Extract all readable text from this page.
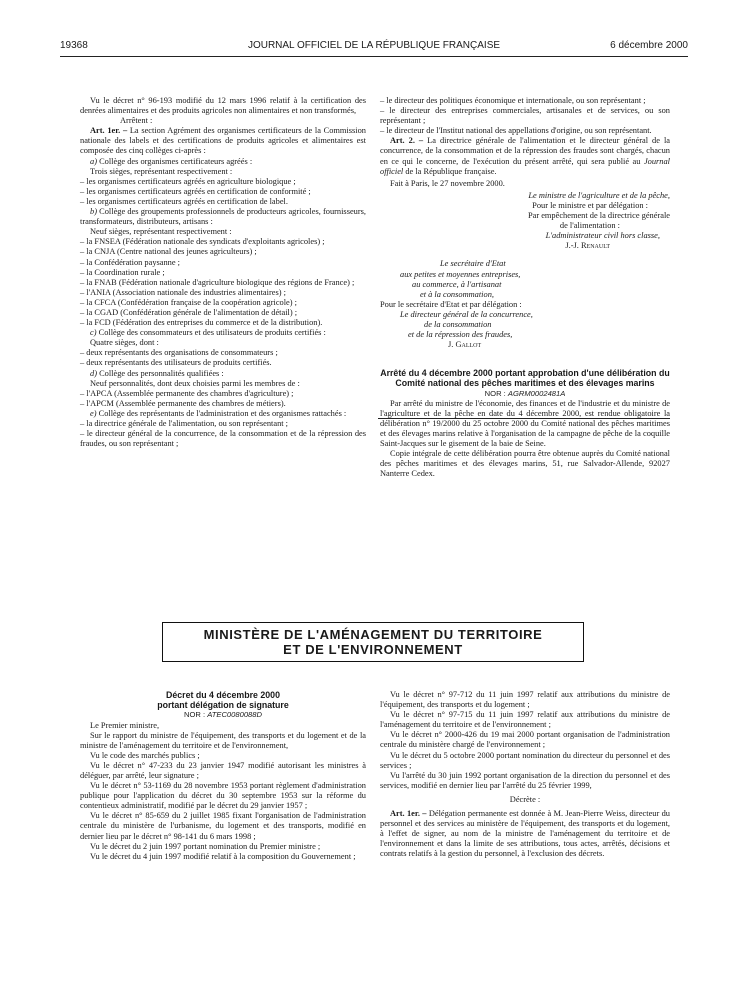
19368	JOURNAL OFFICIEL DE LA RÉPUBLIQUE FRANÇAISE	6 décembre 2000

Vu le décret n° 96-193 modifié du 12 mars 1996 relatif à la certification des denrées alimentaires et des produits agricoles non alimentaires et non transformés,

Arrêtent :

Art. 1er. – La section Agrément des organismes certificateurs de la Commission nationale des labels et des certifications de produits agricoles et alimentaires est composée des cinq collèges ci-après :

a) Collège des organismes certificateurs agréés :

Trois sièges, représentant respectivement :

– les organismes certificateurs agréés en agriculture biologique ;

– les organismes certificateurs agréés en certification de conformité ;

– les organismes certificateurs agréés en certification de label.

b) Collège des groupements professionnels de producteurs agricoles, fournisseurs, transformateurs, distributeurs, artisans :

Neuf sièges, représentant respectivement :

– la FNSEA (Fédération nationale des syndicats d'exploitants agricoles) ;

– la CNJA (Centre national des jeunes agriculteurs) ;

– la Confédération paysanne ;

– la Coordination rurale ;

– la FNAB (Fédération nationale d'agriculture biologique des régions de France) ;

– l'ANIA (Association nationale des industries alimentaires) ;

– la CFCA (Confédération française de la coopération agricole) ;

– la CGAD (Confédération générale de l'alimentation de détail) ;

– la FCD (Fédération des entreprises du commerce et de la distribution).

c) Collège des consommateurs et des utilisateurs de produits certifiés :

Quatre sièges, dont :

– deux représentants des organisations de consommateurs ;

– deux représentants des utilisateurs de produits certifiés.

d) Collège des personnalités qualifiées :

Neuf personnalités, dont deux choisies parmi les membres de :

– l'APCA (Assemblée permanente des chambres d'agriculture) ;

– l'APCM (Assemblée permanente des chambres de métiers).

e) Collège des représentants de l'administration et des organismes rattachés :

– la directrice générale de l'alimentation, ou son représentant ;

– le directeur général de la concurrence, de la consommation et de la répression des fraudes, ou son représentant ;

– le directeur des politiques économique et internationale, ou son représentant ;

– le directeur des entreprises commerciales, artisanales et de services, ou son représentant ;

– le directeur de l'Institut national des appellations d'origine, ou son représentant.

Art. 2. – La directrice générale de l'alimentation et le directeur général de la concurrence, de la consommation et de la répression des fraudes sont chargés, chacun en ce qui le concerne, de l'exécution du présent arrêté, qui sera publié au Journal officiel de la République française.

Fait à Paris, le 27 novembre 2000.

Le ministre de l'agriculture et de la pêche,

Pour le ministre et par délégation :

Par empêchement de la directrice générale

de l'alimentation :

L'administrateur civil hors classe,

J.-J. Renault

Le secrétaire d'Etat

aux petites et moyennes entreprises,

au commerce, à l'artisanat

et à la consommation,

Pour le secrétaire d'Etat et par délégation :

Le directeur général de la concurrence,

de la consommation

et de la répression des fraudes,

J. Gallot

Arrêté du 4 décembre 2000 portant approbation d'une délibération du Comité national des pêches maritimes et des élevages marins

NOR : AGRM0002481A

Par arrêté du ministre de l'économie, des finances et de l'industrie et du ministre de l'agriculture et de la pêche en date du 4 décembre 2000, est rendue obligatoire la délibération n° 19/2000 du 25 octobre 2000 du Comité national des pêches maritimes et des élevages marins relative à l'organisation de la campagne de pêche de la coquille Saint-Jacques sur le gisement de la baie de Seine.

Copie intégrale de cette délibération pourra être obtenue auprès du Comité national des pêches maritimes et des élevages marins, 51, rue Salvador-Allende, 92027 Nanterre Cedex.

MINISTÈRE DE L'AMÉNAGEMENT DU TERRITOIRE
ET DE L'ENVIRONNEMENT

Décret du 4 décembre 2000

portant délégation de signature

NOR : ATEC0080088D

Le Premier ministre,

Sur le rapport du ministre de l'équipement, des transports et du logement et de la ministre de l'aménagement du territoire et de l'environnement,

Vu le code des marchés publics ;

Vu le décret n° 47-233 du 23 janvier 1947 modifié autorisant les ministres à déléguer, par arrêté, leur signature ;

Vu le décret n° 53-1169 du 28 novembre 1953 portant règlement d'administration publique pour l'application du décret du 30 septembre 1953 sur la réforme du contentieux administratif, modifié par le décret du 29 janvier 1957 ;

Vu le décret n° 85-659 du 2 juillet 1985 fixant l'organisation de l'administration centrale du ministère de l'urbanisme, du logement et des transports, modifié en dernier lieu par le décret n° 98-141 du 6 mars 1998 ;

Vu le décret du 2 juin 1997 portant nomination du Premier ministre ;

Vu le décret du 4 juin 1997 modifié relatif à la composition du Gouvernement ;

Vu le décret n° 97-712 du 11 juin 1997 relatif aux attributions du ministre de l'équipement, des transports et du logement ;

Vu le décret n° 97-715 du 11 juin 1997 relatif aux attributions du ministre de l'aménagement du territoire et de l'environnement ;

Vu le décret n° 2000-426 du 19 mai 2000 portant organisation de l'administration centrale du ministère chargé de l'environnement ;

Vu le décret du 5 octobre 2000 portant nomination du directeur du personnel et des services ;

Vu l'arrêté du 30 juin 1992 portant organisation de la direction du personnel et des services, modifié en dernier lieu par l'arrêté du 25 février 1999,

Décrète :

Art. 1er. – Délégation permanente est donnée à M. Jean-Pierre Weiss, directeur du personnel et des services au ministère de l'équipement, des transports et du logement, à l'effet de signer, au nom de la ministre de l'aménagement du territoire et de l'environnement et dans la limite de ses attributions, tous actes, arrêtés, décisions et contrats relatifs à la gestion du personnel, à l'exclusion des décrets.
